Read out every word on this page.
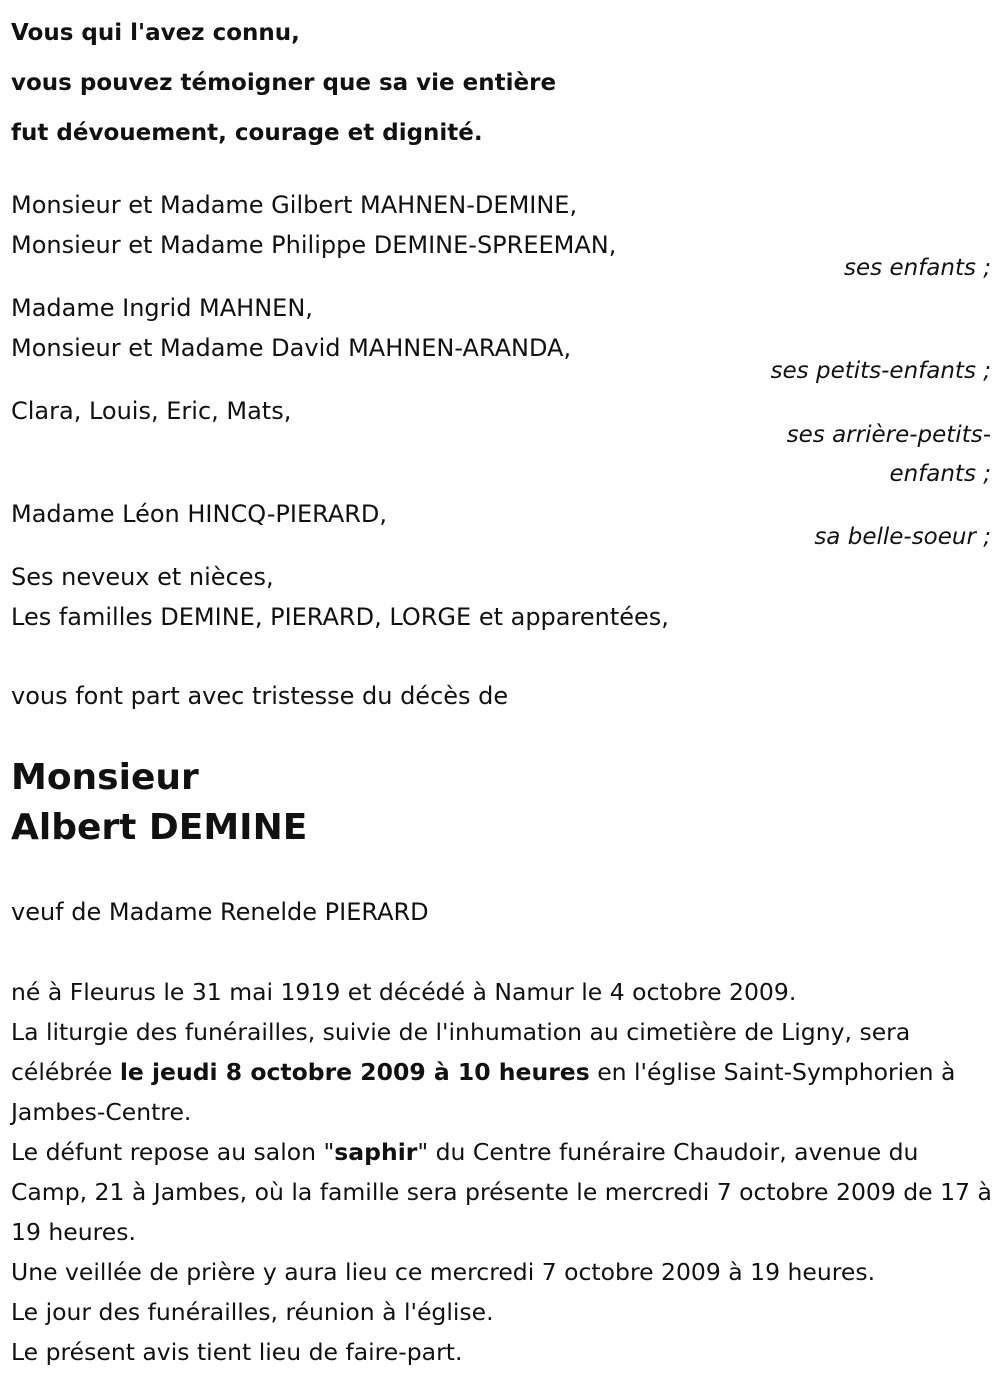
Vous qui l'avez connu,
vous pouvez témoigner que sa vie entière
fut dévouement, courage et dignité.
Monsieur et Madame Gilbert MAHNEN-DEMINE,
Monsieur et Madame Philippe DEMINE-SPREEMAN,
ses enfants ;
Madame Ingrid MAHNEN,
Monsieur et Madame David MAHNEN-ARANDA,
ses petits-enfants ;
Clara, Louis, Eric, Mats,
ses arrière-petits-
enfants ;
Madame Léon HINCQ-PIERARD,
sa belle-soeur ;
Ses neveux et nièces,
Les familles DEMINE, PIERARD, LORGE et apparentées,
vous font part avec tristesse du décès de
Monsieur
Albert DEMINE
veuf de Madame Renelde PIERARD

né à Fleurus le 31 mai 1919 et décédé à Namur le 4 octobre 2009.

La liturgie des funérailles, suivie de l'inhumation au cimetière de Ligny, sera célébrée le jeudi 8 octobre 2009 à 10 heures en l'église Saint-Symphorien à Jambes-Centre.

Le défunt repose au salon "saphir" du Centre funéraire Chaudoir, avenue du Camp, 21 à Jambes, où la famille sera présente le mercredi 7 octobre 2009 de 17 à 19 heures.

Une veillée de prière y aura lieu ce mercredi 7 octobre 2009 à 19 heures.

Le jour des funérailles, réunion à l'église.

Le présent avis tient lieu de faire-part.
